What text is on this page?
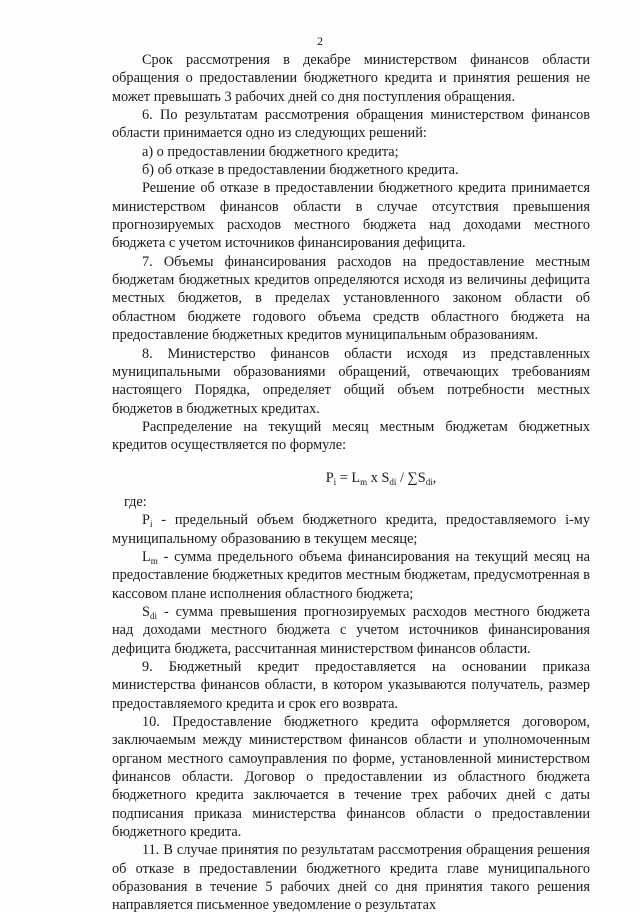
2

Срок рассмотрения в декабре министерством финансов области обращения о предоставлении бюджетного кредита и принятия решения не может превышать 3 рабочих дней со дня поступления обращения.

6. По результатам рассмотрения обращения министерством финансов области принимается одно из следующих решений:

а) о предоставлении бюджетного кредита;

б) об отказе в предоставлении бюджетного кредита.

Решение об отказе в предоставлении бюджетного кредита принимается министерством финансов области в случае отсутствия превышения прогнозируемых расходов местного бюджета над доходами местного бюджета с учетом источников финансирования дефицита.

7. Объемы финансирования расходов на предоставление местным бюджетам бюджетных кредитов определяются исходя из величины дефицита местных бюджетов, в пределах установленного законом области об областном бюджете годового объема средств областного бюджета на предоставление бюджетных кредитов муниципальным образованиям.

8. Министерство финансов области исходя из представленных муниципальными образованиями обращений, отвечающих требованиям настоящего Порядка, определяет общий объем потребности местных бюджетов в бюджетных кредитах.

Распределение на текущий месяц местным бюджетам бюджетных кредитов осуществляется по формуле:

$P_i = L_m$ x $S_{di} / \sum S_{di}$,

где:

$P_i$ - предельный объем бюджетного кредита, предоставляемого i-му муниципальному образованию в текущем месяце;

$L_m$ - сумма предельного объема финансирования на текущий месяц на предоставление бюджетных кредитов местным бюджетам, предусмотренная в кассовом плане исполнения областного бюджета;

$S_{di}$ - сумма превышения прогнозируемых расходов местного бюджета над доходами местного бюджета с учетом источников финансирования дефицита бюджета, рассчитанная министерством финансов области.

9. Бюджетный кредит предоставляется на основании приказа министерства финансов области, в котором указываются получатель, размер предоставляемого кредита и срок его возврата.

10. Предоставление бюджетного кредита оформляется договором, заключаемым между министерством финансов области и уполномоченным органом местного самоуправления по форме, установленной министерством финансов области. Договор о предоставлении из областного бюджета бюджетного кредита заключается в течение трех рабочих дней с даты подписания приказа министерства финансов области о предоставлении бюджетного кредита.

11. В случае принятия по результатам рассмотрения обращения решения об отказе в предоставлении бюджетного кредита главе муниципального образования в течение 5 рабочих дней со дня принятия такого решения направляется письменное уведомление о результатах
